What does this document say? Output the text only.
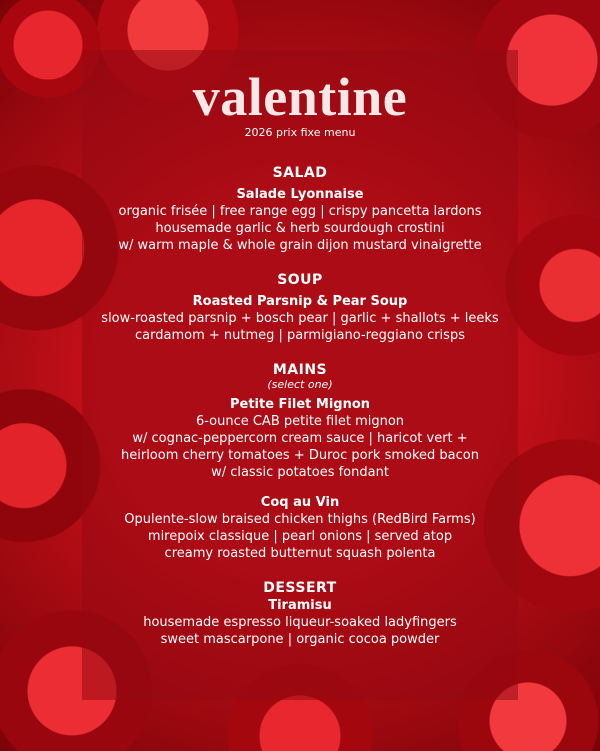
valentine
2026 prix fixe menu
SALAD
Salade Lyonnaise
organic frisée | free range egg | crispy pancetta lardons
housemade garlic & herb sourdough crostini
w/ warm maple & whole grain dijon mustard vinaigrette
SOUP
Roasted Parsnip & Pear Soup
slow-roasted parsnip + bosch pear | garlic + shallots + leeks
cardamom + nutmeg | parmigiano-reggiano crisps
MAINS
(select one)
Petite Filet Mignon
6-ounce CAB petite filet mignon
w/ cognac-peppercorn cream sauce | haricot vert +
heirloom cherry tomatoes + Duroc pork smoked bacon
w/ classic potatoes fondant
Coq au Vin
Opulente-slow braised chicken thighs (RedBird Farms)
mirepoix classique | pearl onions | served atop
creamy roasted butternut squash polenta
DESSERT
Tiramisu
housemade espresso liqueur-soaked ladyfingers
sweet mascarpone | organic cocoa powder
